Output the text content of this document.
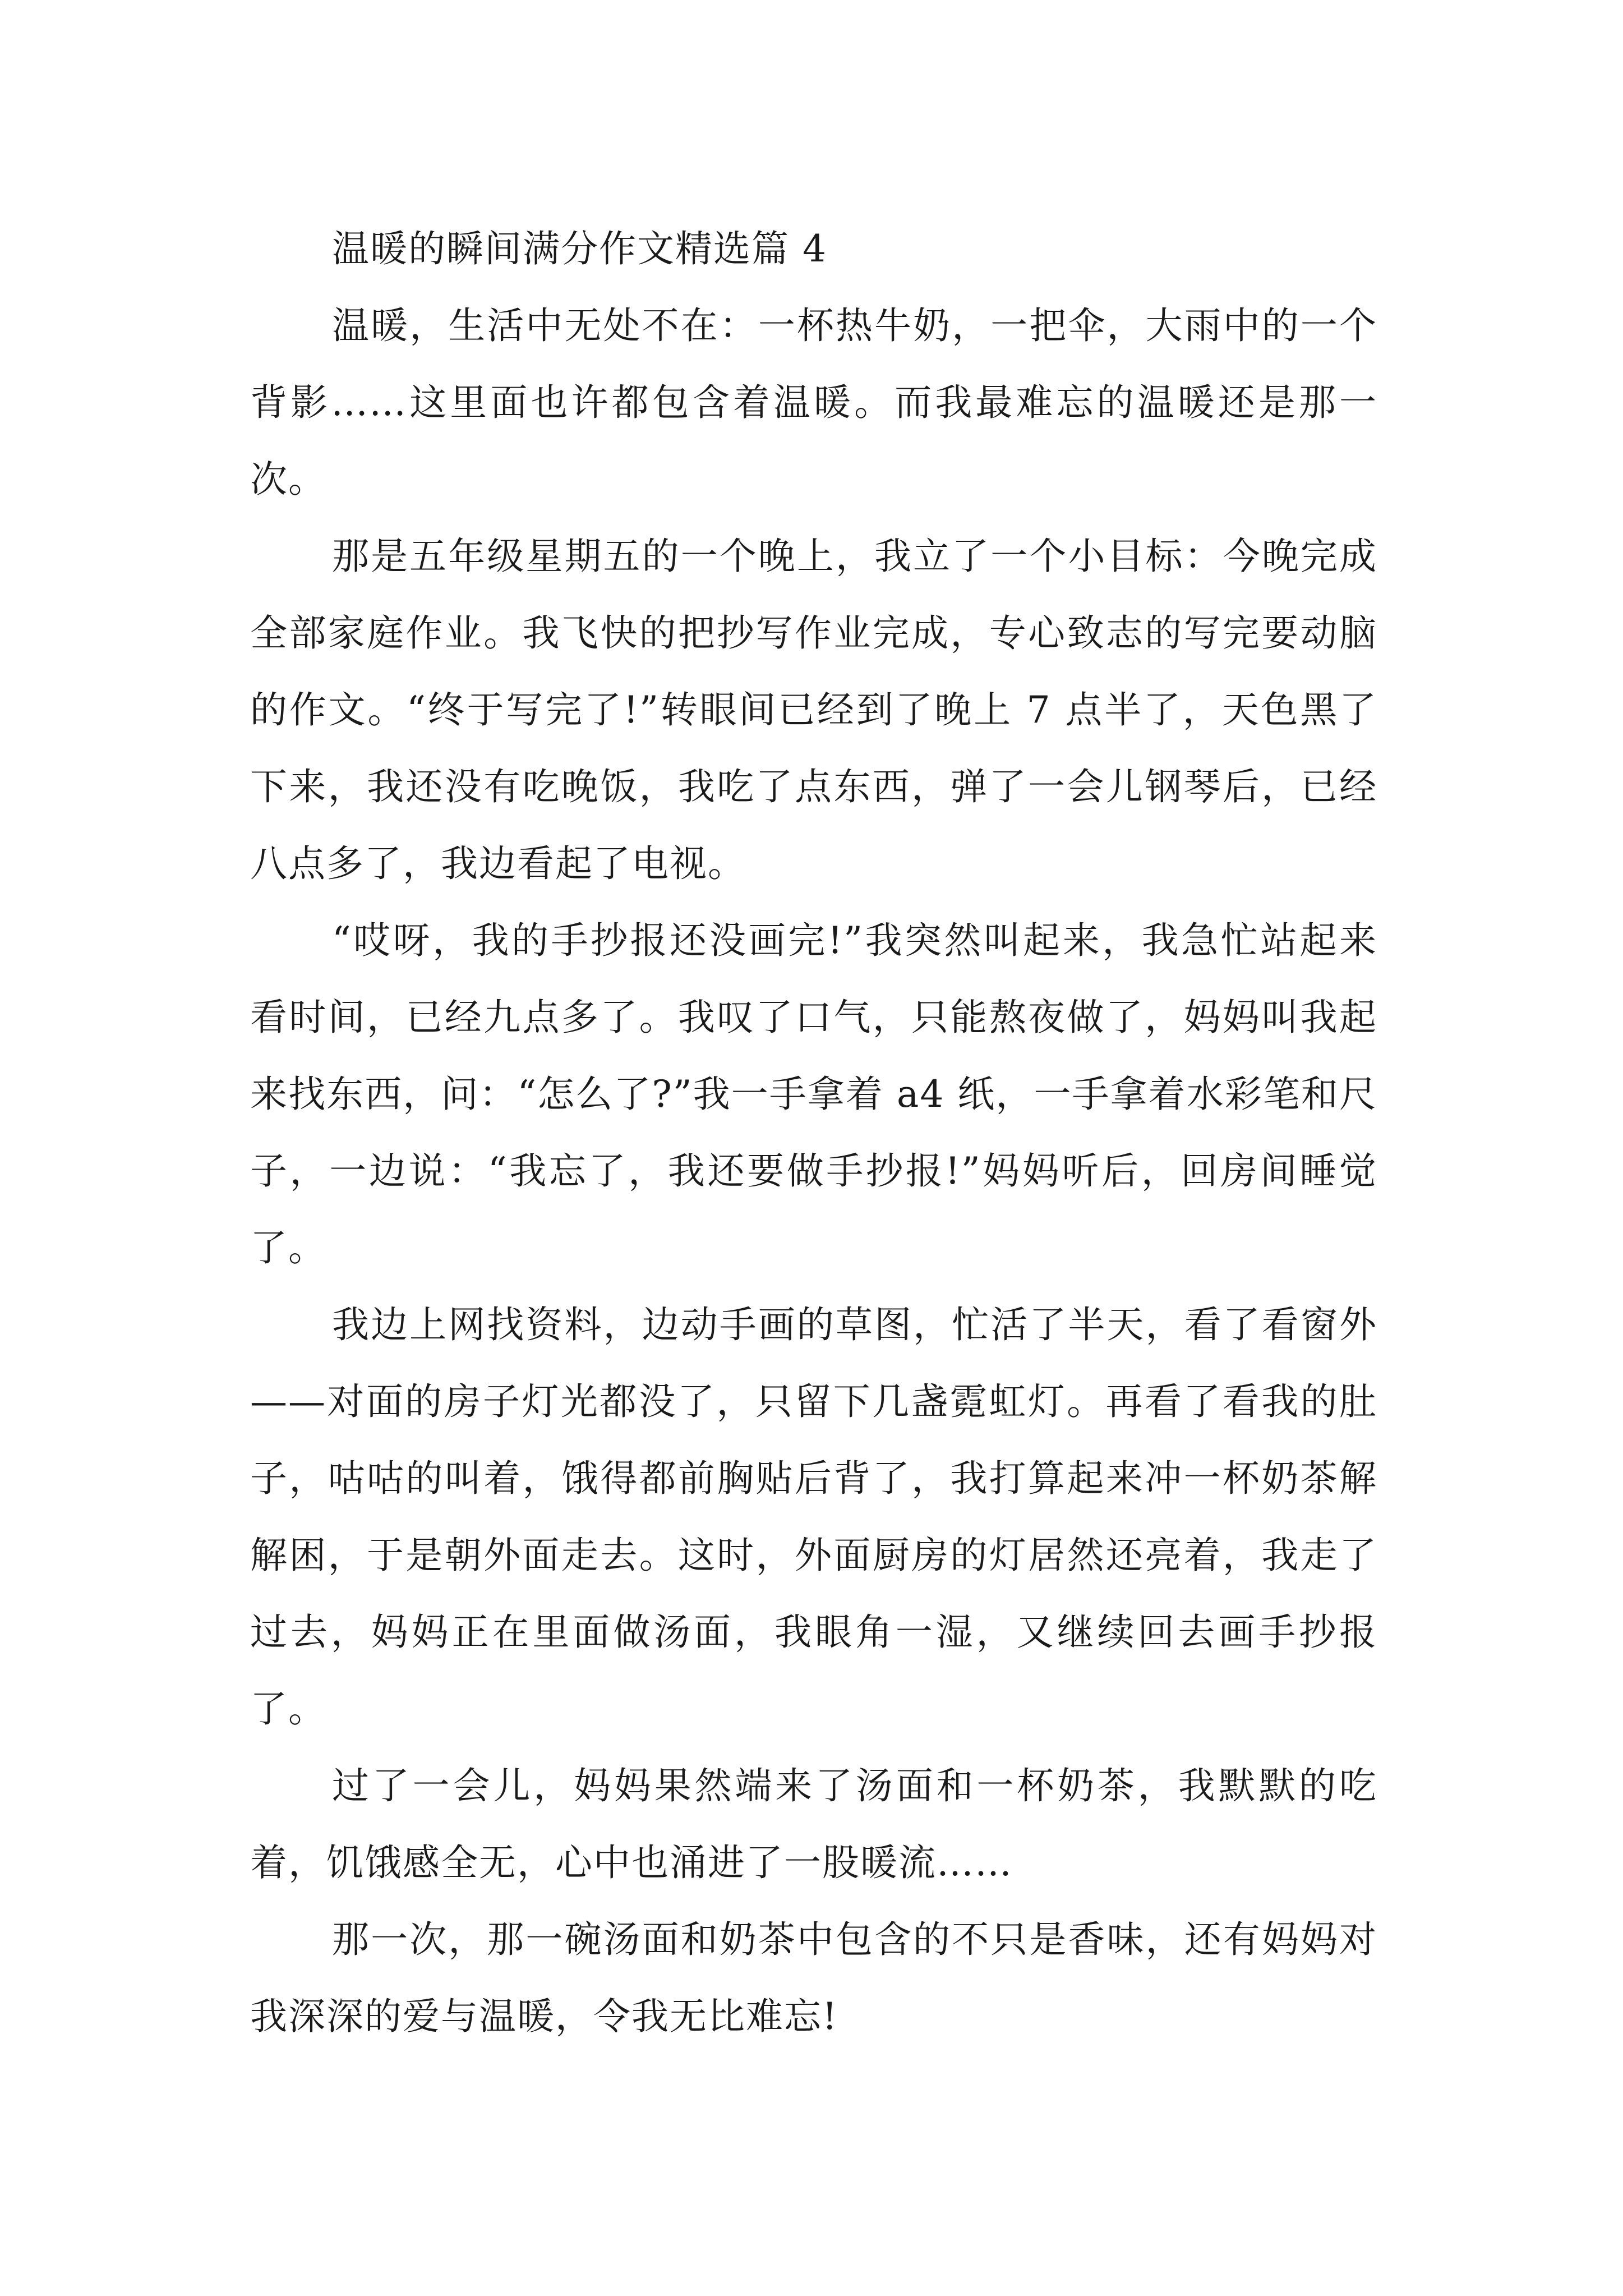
温暖的瞬间满分作文精选篇 4

温暖，生活中无处不在：一杯热牛奶，一把伞，大雨中的一个背影……这里面也许都包含着温暖。而我最难忘的温暖还是那一次。

那是五年级星期五的一个晚上，我立了一个小目标：今晚完成全部家庭作业。我飞快的把抄写作业完成，专心致志的写完要动脑的作文。“终于写完了!”转眼间已经到了晚上 7 点半了，天色黑了下来，我还没有吃晚饭，我吃了点东西，弹了一会儿钢琴后，已经八点多了，我边看起了电视。

“哎呀，我的手抄报还没画完!”我突然叫起来，我急忙站起来看时间，已经九点多了。我叹了口气，只能熬夜做了，妈妈叫我起来找东西，问：“怎么了?”我一手拿着 a4 纸，一手拿着水彩笔和尺子，一边说：“我忘了，我还要做手抄报!”妈妈听后，回房间睡觉了。

我边上网找资料，边动手画的草图，忙活了半天，看了看窗外——对面的房子灯光都没了，只留下几盏霓虹灯。再看了看我的肚子，咕咕的叫着，饿得都前胸贴后背了，我打算起来冲一杯奶茶解解困，于是朝外面走去。这时，外面厨房的灯居然还亮着，我走了过去，妈妈正在里面做汤面，我眼角一湿，又继续回去画手抄报了。

过了一会儿，妈妈果然端来了汤面和一杯奶茶，我默默的吃着，饥饿感全无，心中也涌进了一股暖流……

那一次，那一碗汤面和奶茶中包含的不只是香味，还有妈妈对我深深的爱与温暖，令我无比难忘!
